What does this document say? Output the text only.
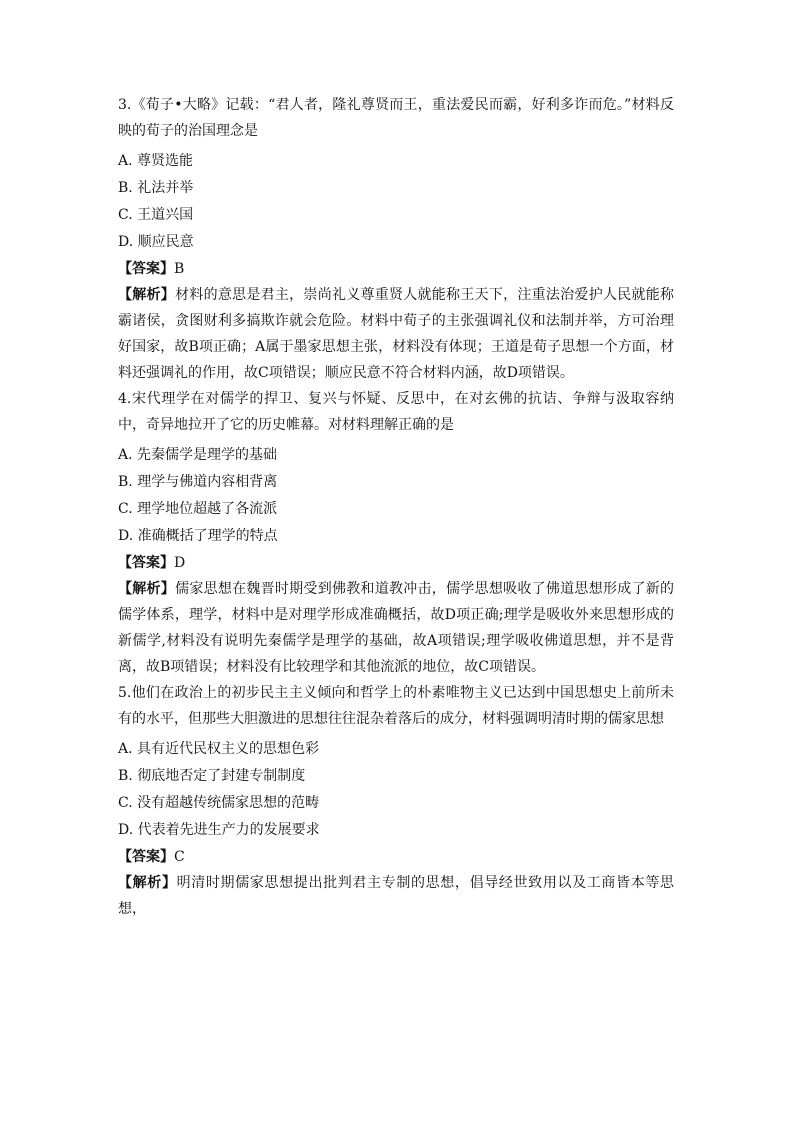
3.《荀子•大略》记载：“君人者，隆礼尊贤而王，重法爱民而霸，好利多诈而危。”材料反映的荀子的治国理念是

A. 尊贤选能

B. 礼法并举

C. 王道兴国

D. 顺应民意

【答案】B

【解析】材料的意思是君主，崇尚礼义尊重贤人就能称王天下，注重法治爱护人民就能称霸诸侯，贪图财利多搞欺诈就会危险。材料中荀子的主张强调礼仪和法制并举，方可治理好国家，故B项正确；A属于墨家思想主张，材料没有体现；王道是荀子思想一个方面，材料还强调礼的作用，故C项错误；顺应民意不符合材料内涵，故D项错误。

4.宋代理学在对儒学的捍卫、复兴与怀疑、反思中，在对玄佛的抗诘、争辩与汲取容纳中，奇异地拉开了它的历史帷幕。对材料理解正确的是

A. 先秦儒学是理学的基础

B. 理学与佛道内容相背离

C. 理学地位超越了各流派

D. 准确概括了理学的特点

【答案】D

【解析】儒家思想在魏晋时期受到佛教和道教冲击，儒学思想吸收了佛道思想形成了新的儒学体系，理学，材料中是对理学形成准确概括，故D项正确;理学是吸收外来思想形成的新儒学,材料没有说明先秦儒学是理学的基础，故A项错误;理学吸收佛道思想，并不是背离，故B项错误；材料没有比较理学和其他流派的地位，故C项错误。

5.他们在政治上的初步民主主义倾向和哲学上的朴素唯物主义已达到中国思想史上前所未有的水平，但那些大胆激进的思想往往混杂着落后的成分，材料强调明清时期的儒家思想

A. 具有近代民权主义的思想色彩

B. 彻底地否定了封建专制制度

C. 没有超越传统儒家思想的范畴

D. 代表着先进生产力的发展要求

【答案】C

【解析】明清时期儒家思想提出批判君主专制的思想，倡导经世致用以及工商皆本等思想，
